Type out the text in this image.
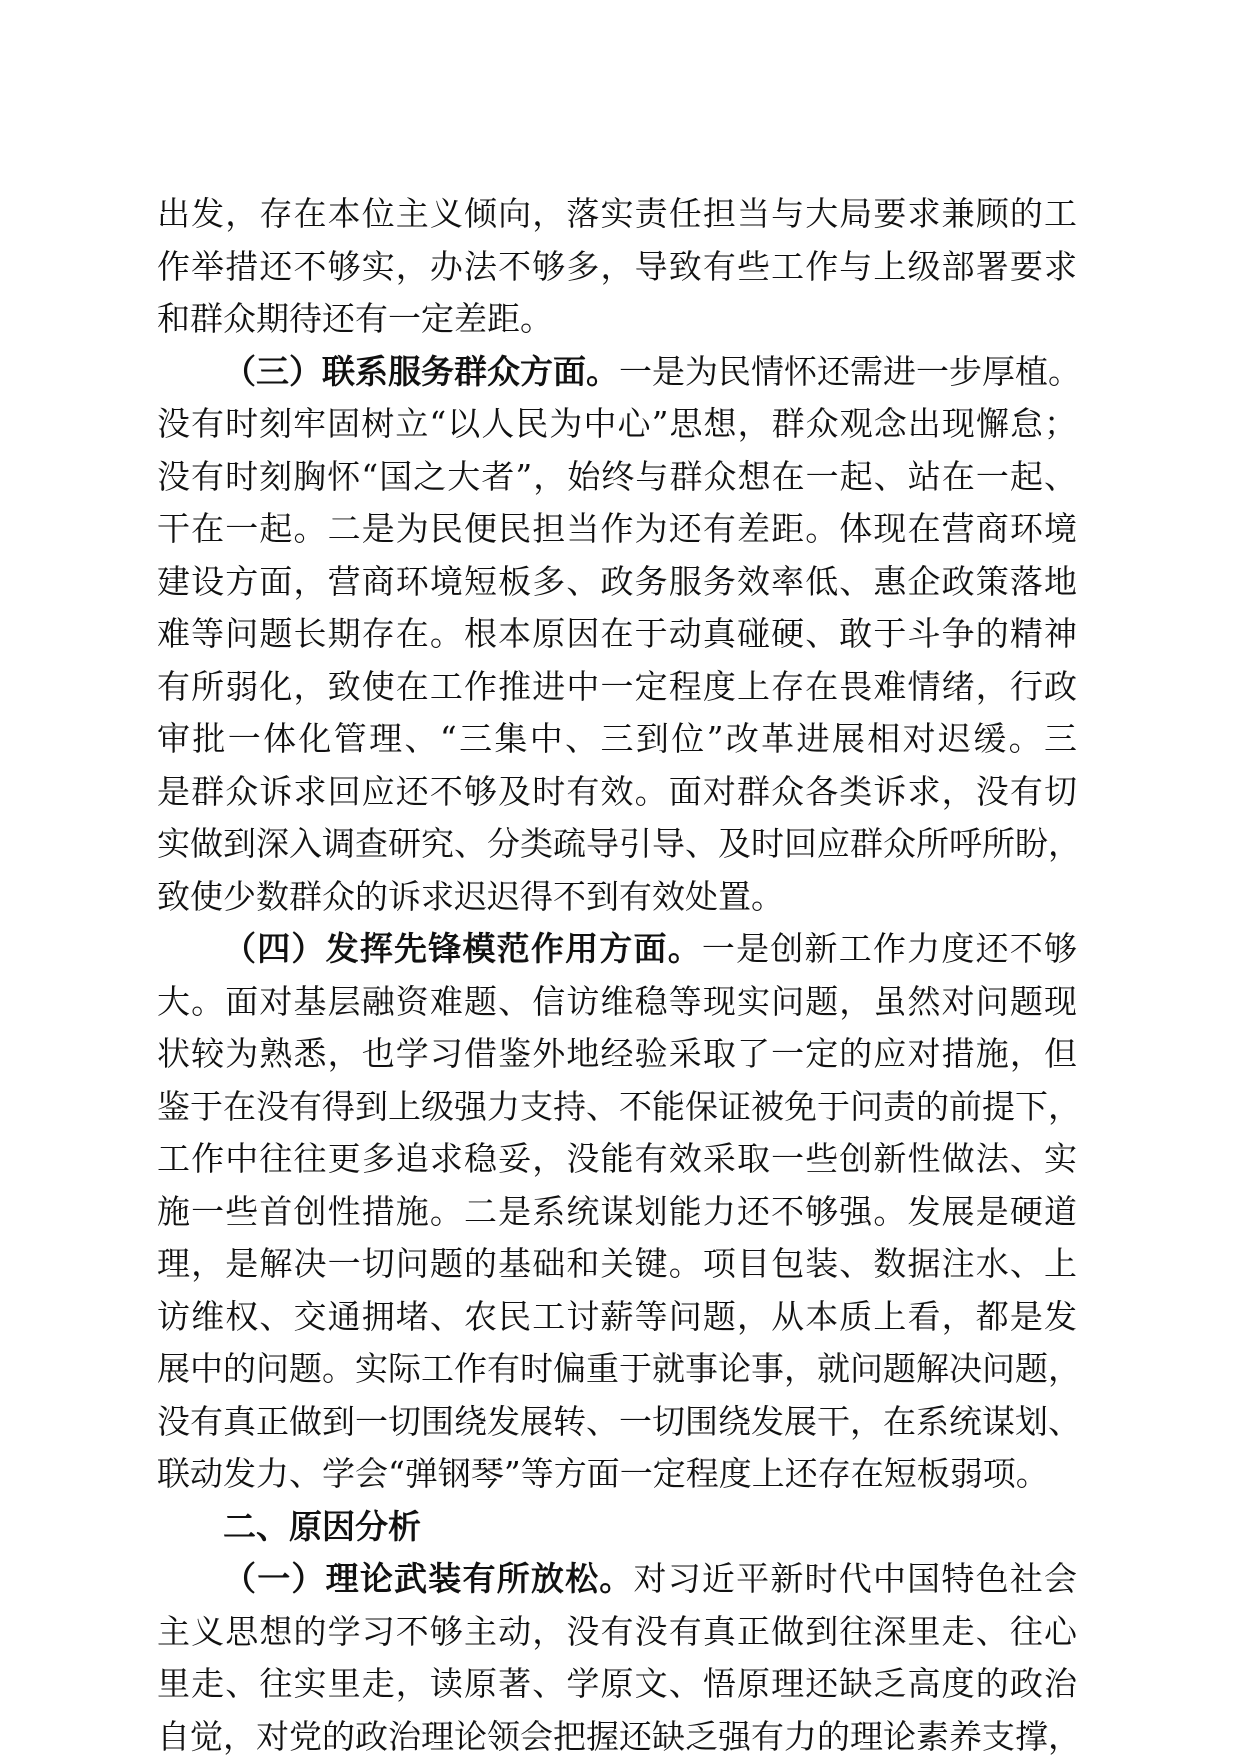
出发，存在本位主义倾向，落实责任担当与大局要求兼顾的工
作举措还不够实，办法不够多，导致有些工作与上级部署要求
和群众期待还有一定差距。
（三）联系服务群众方面。一是为民情怀还需进一步厚植。
没有时刻牢固树立“以人民为中心”思想，群众观念出现懈怠；
没有时刻胸怀“国之大者”，始终与群众想在一起、站在一起、
干在一起。二是为民便民担当作为还有差距。体现在营商环境
建设方面，营商环境短板多、政务服务效率低、惠企政策落地
难等问题长期存在。根本原因在于动真碰硬、敢于斗争的精神
有所弱化，致使在工作推进中一定程度上存在畏难情绪，行政
审批一体化管理、“三集中、三到位”改革进展相对迟缓。三
是群众诉求回应还不够及时有效。面对群众各类诉求，没有切
实做到深入调查研究、分类疏导引导、及时回应群众所呼所盼，
致使少数群众的诉求迟迟得不到有效处置。
（四）发挥先锋模范作用方面。一是创新工作力度还不够
大。面对基层融资难题、信访维稳等现实问题，虽然对问题现
状较为熟悉，也学习借鉴外地经验采取了一定的应对措施，但
鉴于在没有得到上级强力支持、不能保证被免于问责的前提下，
工作中往往更多追求稳妥，没能有效采取一些创新性做法、实
施一些首创性措施。二是系统谋划能力还不够强。发展是硬道
理，是解决一切问题的基础和关键。项目包装、数据注水、上
访维权、交通拥堵、农民工讨薪等问题，从本质上看，都是发
展中的问题。实际工作有时偏重于就事论事，就问题解决问题，
没有真正做到一切围绕发展转、一切围绕发展干，在系统谋划、
联动发力、学会“弹钢琴”等方面一定程度上还存在短板弱项。
二、原因分析
（一）理论武装有所放松。对习近平新时代中国特色社会
主义思想的学习不够主动，没有没有真正做到往深里走、往心
里走、往实里走，读原著、学原文、悟原理还缺乏高度的政治
自觉，对党的政治理论领会把握还缺乏强有力的理论素养支撑，
